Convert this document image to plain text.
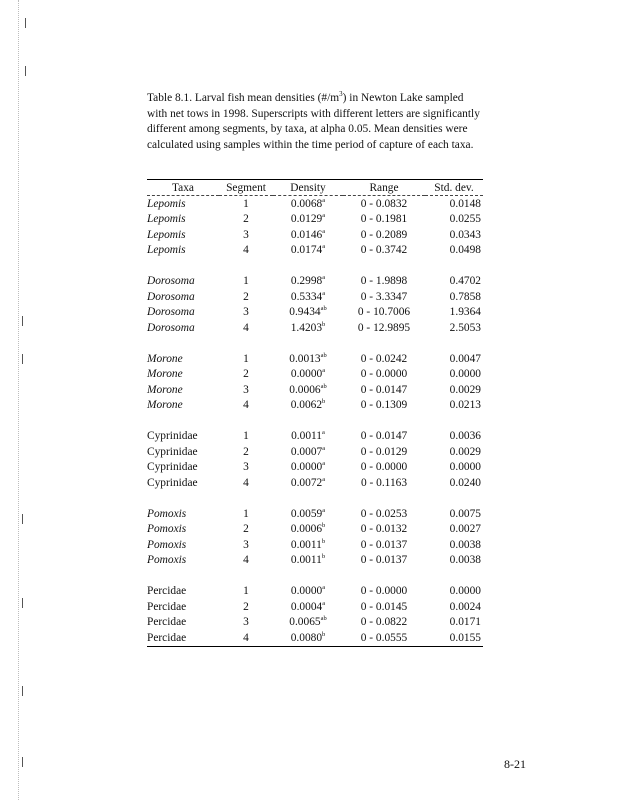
Table 8.1. Larval fish mean densities $(\#/m^3)$ in Newton Lake sampled with net tows in 1998. Superscripts with different letters are significantly different among segments, by taxa, at alpha 0.05. Mean densities were calculated using samples within the time period of capture of each taxa.
Taxa	Segment	Density	Range	Std. dev.
Lepomis	1	0.0068$^a$	0 - 0.0832	0.0148
Lepomis	2	0.0129$^a$	0 - 0.1981	0.0255
Lepomis	3	0.0146$^a$	0 - 0.2089	0.0343
Lepomis	4	0.0174$^a$	0 - 0.3742	0.0498

Dorosoma	1	0.2998$^a$	0 - 1.9898	0.4702
Dorosoma	2	0.5334$^a$	0 - 3.3347	0.7858
Dorosoma	3	0.9434$^{ab}$	0 - 10.7006	1.9364
Dorosoma	4	1.4203$^b$	0 - 12.9895	2.5053

Morone	1	0.0013$^{ab}$	0 - 0.0242	0.0047
Morone	2	0.0000$^a$	0 - 0.0000	0.0000
Morone	3	0.0006$^{ab}$	0 - 0.0147	0.0029
Morone	4	0.0062$^b$	0 - 0.1309	0.0213

Cyprinidae	1	0.0011$^a$	0 - 0.0147	0.0036
Cyprinidae	2	0.0007$^a$	0 - 0.0129	0.0029
Cyprinidae	3	0.0000$^a$	0 - 0.0000	0.0000
Cyprinidae	4	0.0072$^a$	0 - 0.1163	0.0240

Pomoxis	1	0.0059$^a$	0 - 0.0253	0.0075
Pomoxis	2	0.0006$^b$	0 - 0.0132	0.0027
Pomoxis	3	0.0011$^b$	0 - 0.0137	0.0038
Pomoxis	4	0.0011$^b$	0 - 0.0137	0.0038

Percidae	1	0.0000$^a$	0 - 0.0000	0.0000
Percidae	2	0.0004$^a$	0 - 0.0145	0.0024
Percidae	3	0.0065$^{ab}$	0 - 0.0822	0.0171
Percidae	4	0.0080$^b$	0 - 0.0555	0.0155
8-21
